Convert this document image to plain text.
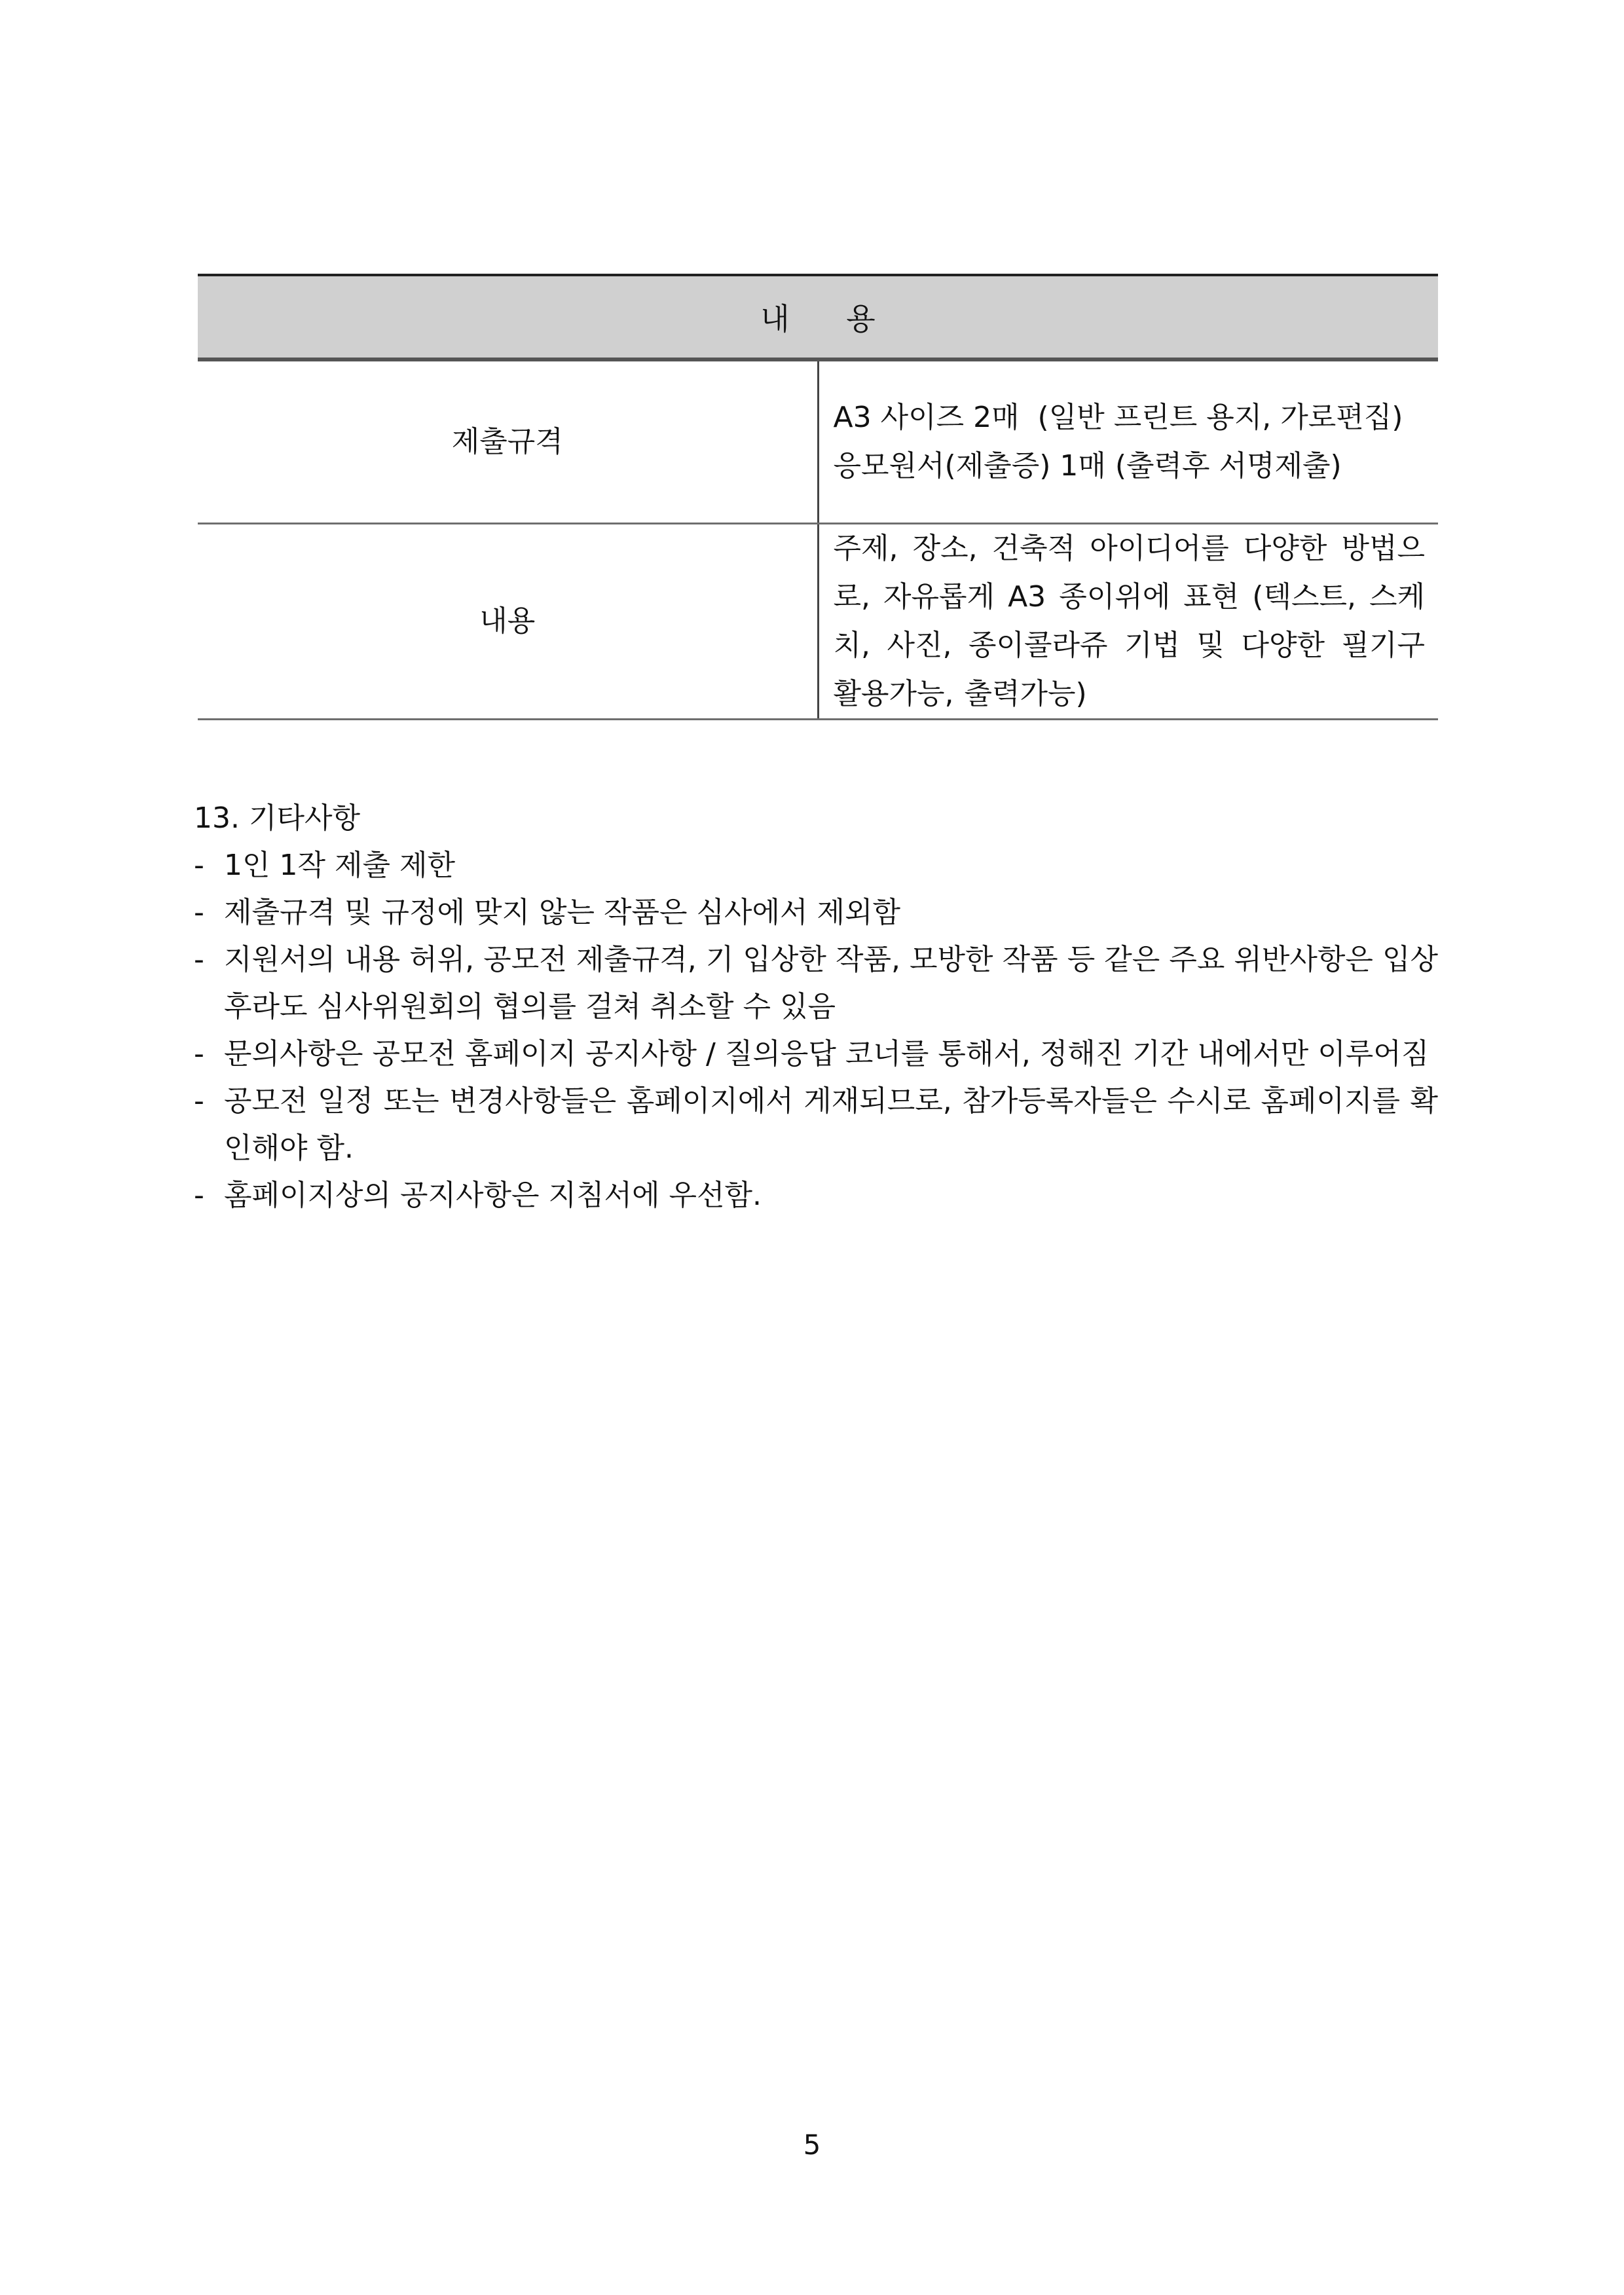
내 용	
제출규격	A3 사이즈 2매  (일반 프린트 용지, 가로편집)
응모원서(제출증) 1매 (출력후 서명제출)

내용	주제, 장소, 건축적 아이디어를 다양한 방법으로, 자유롭게 A3 종이위에 표현 (텍스트, 스케치, 사진, 종이콜라쥬 기법 및 다양한 필기구 활용가능, 출력가능)
13. 기타사항
- 1인 1작 제출 제한
- 제출규격 및 규정에 맞지 않는 작품은 심사에서 제외함
- 지원서의 내용 허위, 공모전 제출규격, 기 입상한 작품, 모방한 작품 등 같은 주요 위반사항은 입상후라도 심사위원회의 협의를 걸쳐 취소할 수 있음
- 문의사항은 공모전 홈페이지 공지사항 / 질의응답 코너를 통해서, 정해진 기간 내에서만 이루어짐
- 공모전 일정 또는 변경사항들은 홈페이지에서 게재되므로, 참가등록자들은 수시로 홈페이지를 확인해야 함.
- 홈페이지상의 공지사항은 지침서에 우선함.
5
